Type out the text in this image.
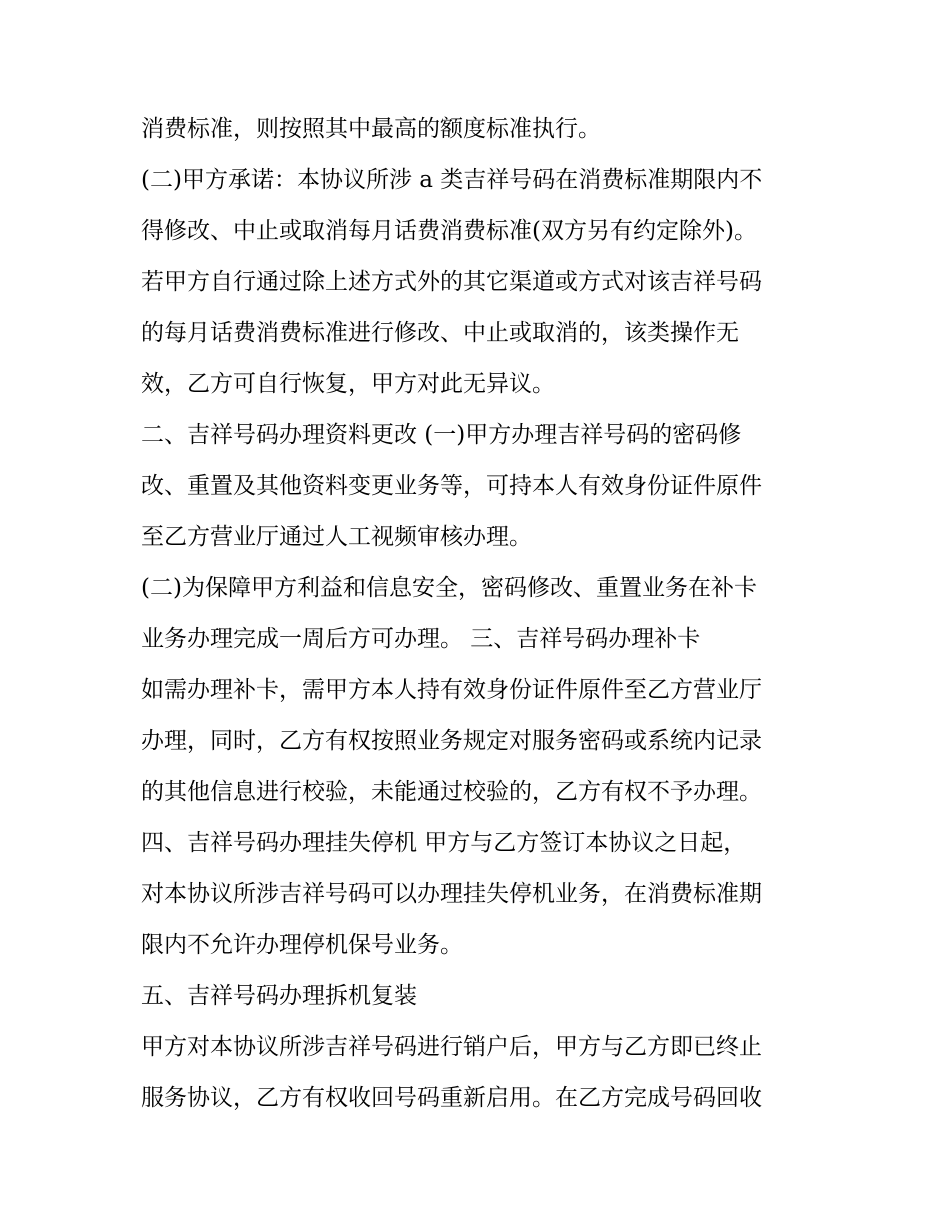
消费标准，则按照其中最高的额度标准执行。
(二)甲方承诺：本协议所涉 a 类吉祥号码在消费标准期限内不
得修改、中止或取消每月话费消费标准(双方另有约定除外)。
若甲方自行通过除上述方式外的其它渠道或方式对该吉祥号码
的每月话费消费标准进行修改、中止或取消的，该类操作无
效，乙方可自行恢复，甲方对此无异议。
二、吉祥号码办理资料更改 (一)甲方办理吉祥号码的密码修
改、重置及其他资料变更业务等，可持本人有效身份证件原件
至乙方营业厅通过人工视频审核办理。
(二)为保障甲方利益和信息安全，密码修改、重置业务在补卡
业务办理完成一周后方可办理。 三、吉祥号码办理补卡
如需办理补卡，需甲方本人持有效身份证件原件至乙方营业厅
办理，同时，乙方有权按照业务规定对服务密码或系统内记录
的其他信息进行校验，未能通过校验的，乙方有权不予办理。
四、吉祥号码办理挂失停机 甲方与乙方签订本协议之日起，
对本协议所涉吉祥号码可以办理挂失停机业务，在消费标准期
限内不允许办理停机保号业务。
五、吉祥号码办理拆机复装
甲方对本协议所涉吉祥号码进行销户后，甲方与乙方即已终止
服务协议，乙方有权收回号码重新启用。在乙方完成号码回收
